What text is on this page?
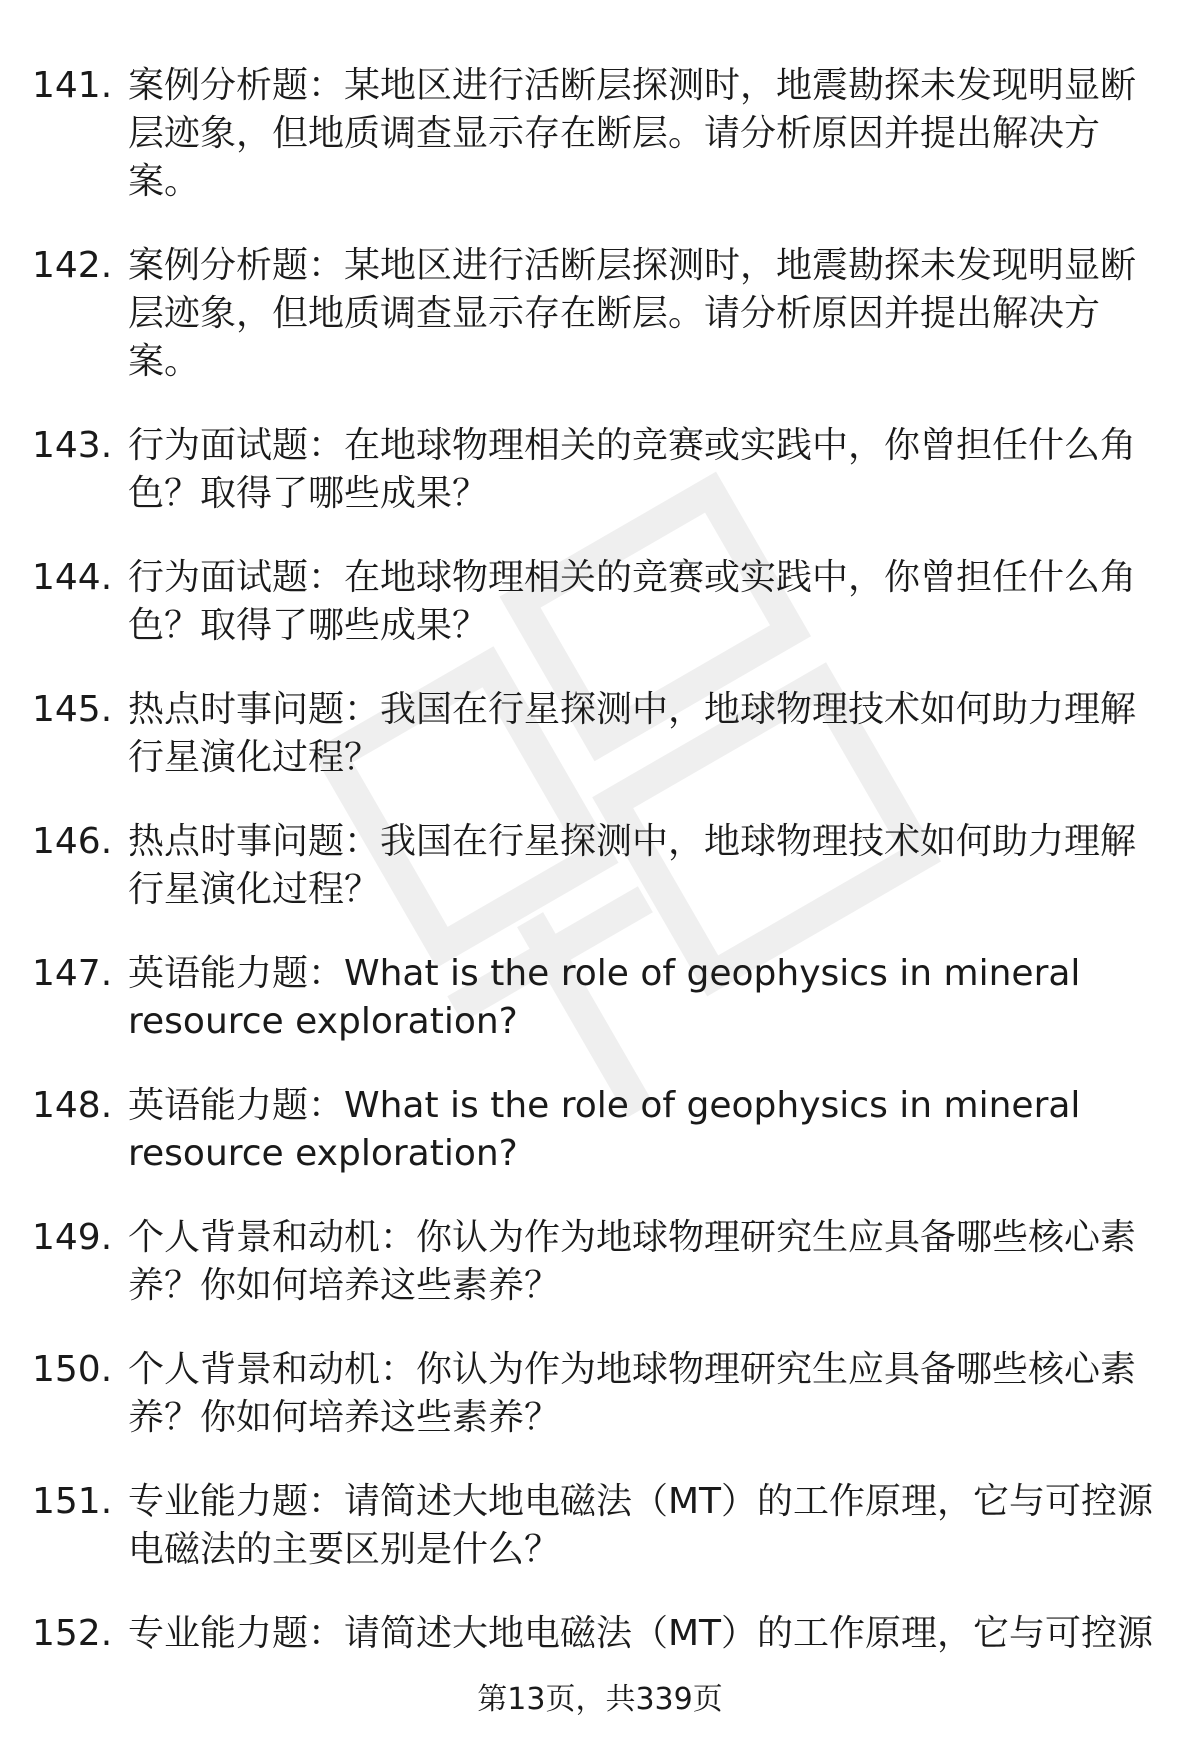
141. 案例分析题：某地区进行活断层探测时，地震勘探未发现明显断层迹象，但地质调查显示存在断层。请分析原因并提出解决方案。
142. 案例分析题：某地区进行活断层探测时，地震勘探未发现明显断层迹象，但地质调查显示存在断层。请分析原因并提出解决方案。
143. 行为面试题：在地球物理相关的竞赛或实践中，你曾担任什么角色？取得了哪些成果？
144. 行为面试题：在地球物理相关的竞赛或实践中，你曾担任什么角色？取得了哪些成果？
145. 热点时事问题：我国在行星探测中，地球物理技术如何助力理解行星演化过程？
146. 热点时事问题：我国在行星探测中，地球物理技术如何助力理解行星演化过程？
147. 英语能力题：What is the role of geophysics in mineral resource exploration?
148. 英语能力题：What is the role of geophysics in mineral resource exploration?
149. 个人背景和动机：你认为作为地球物理研究生应具备哪些核心素养？你如何培养这些素养？
150. 个人背景和动机：你认为作为地球物理研究生应具备哪些核心素养？你如何培养这些素养？
151. 专业能力题：请简述大地电磁法（MT）的工作原理，它与可控源电磁法的主要区别是什么？
152. 专业能力题：请简述大地电磁法（MT）的工作原理，它与可控源
第13页，共339页
